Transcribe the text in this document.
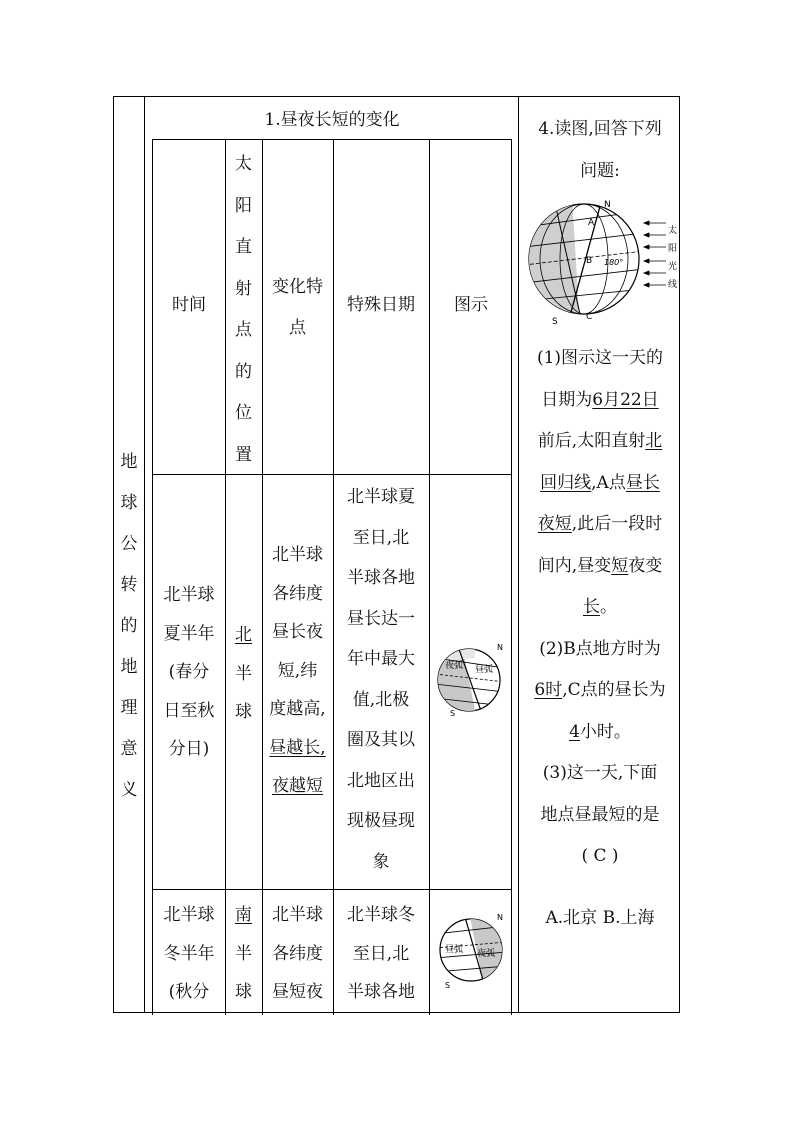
地
球
公
转
的
地
理
意
义
1.昼夜长短的变化
时间
太
阳
直
射
点
的
位
置
变化特
点
特殊日期	图示
北半球
夏半年
(春分
日至秋
分日)
北
半
球
北半球
各纬度
昼长夜
短,纬
度越高,
昼越长,
夜越短
北半球夏
至日,北
半球各地
昼长达一
年中最大
值,北极
圈及其以
北地区出
现极昼现
象
夜弧 昼弧
N
S
北半球
冬半年
(秋分
南
半
球
北半球
各纬度
昼短夜
北半球冬
至日,北
半球各地
昼弧 夜弧
N
S
4.读图,回答下列
问题:
N
S
A
B
C
180°
太
阳
光
线
(1)图示这一天的
日期为6月22日
前后,太阳直射北
回归线,A点昼长
夜短,此后一段时
间内,昼变短夜变
长。
(2)B点地方时为
6时,C点的昼长为
4小时。
(3)这一天,下面
地点昼最短的是
( C )
A.北京 B.上海
